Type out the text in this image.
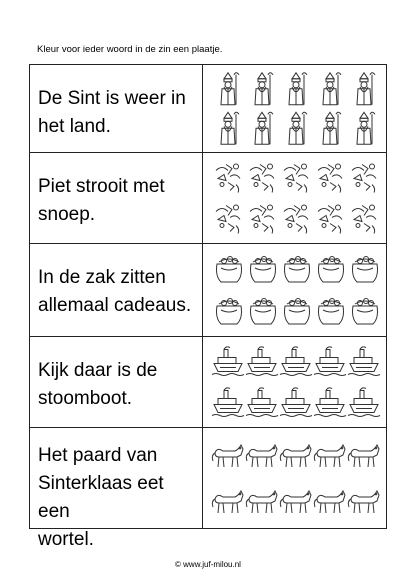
Kleur voor ieder woord in de zin een plaatje.
De Sint is weer in
het land.
Piet strooit met
snoep.
In de zak zitten
allemaal cadeaus.
Kijk daar is de
stoomboot.
Het paard van
Sinterklaas eet een
wortel.
© www.juf-milou.nl
